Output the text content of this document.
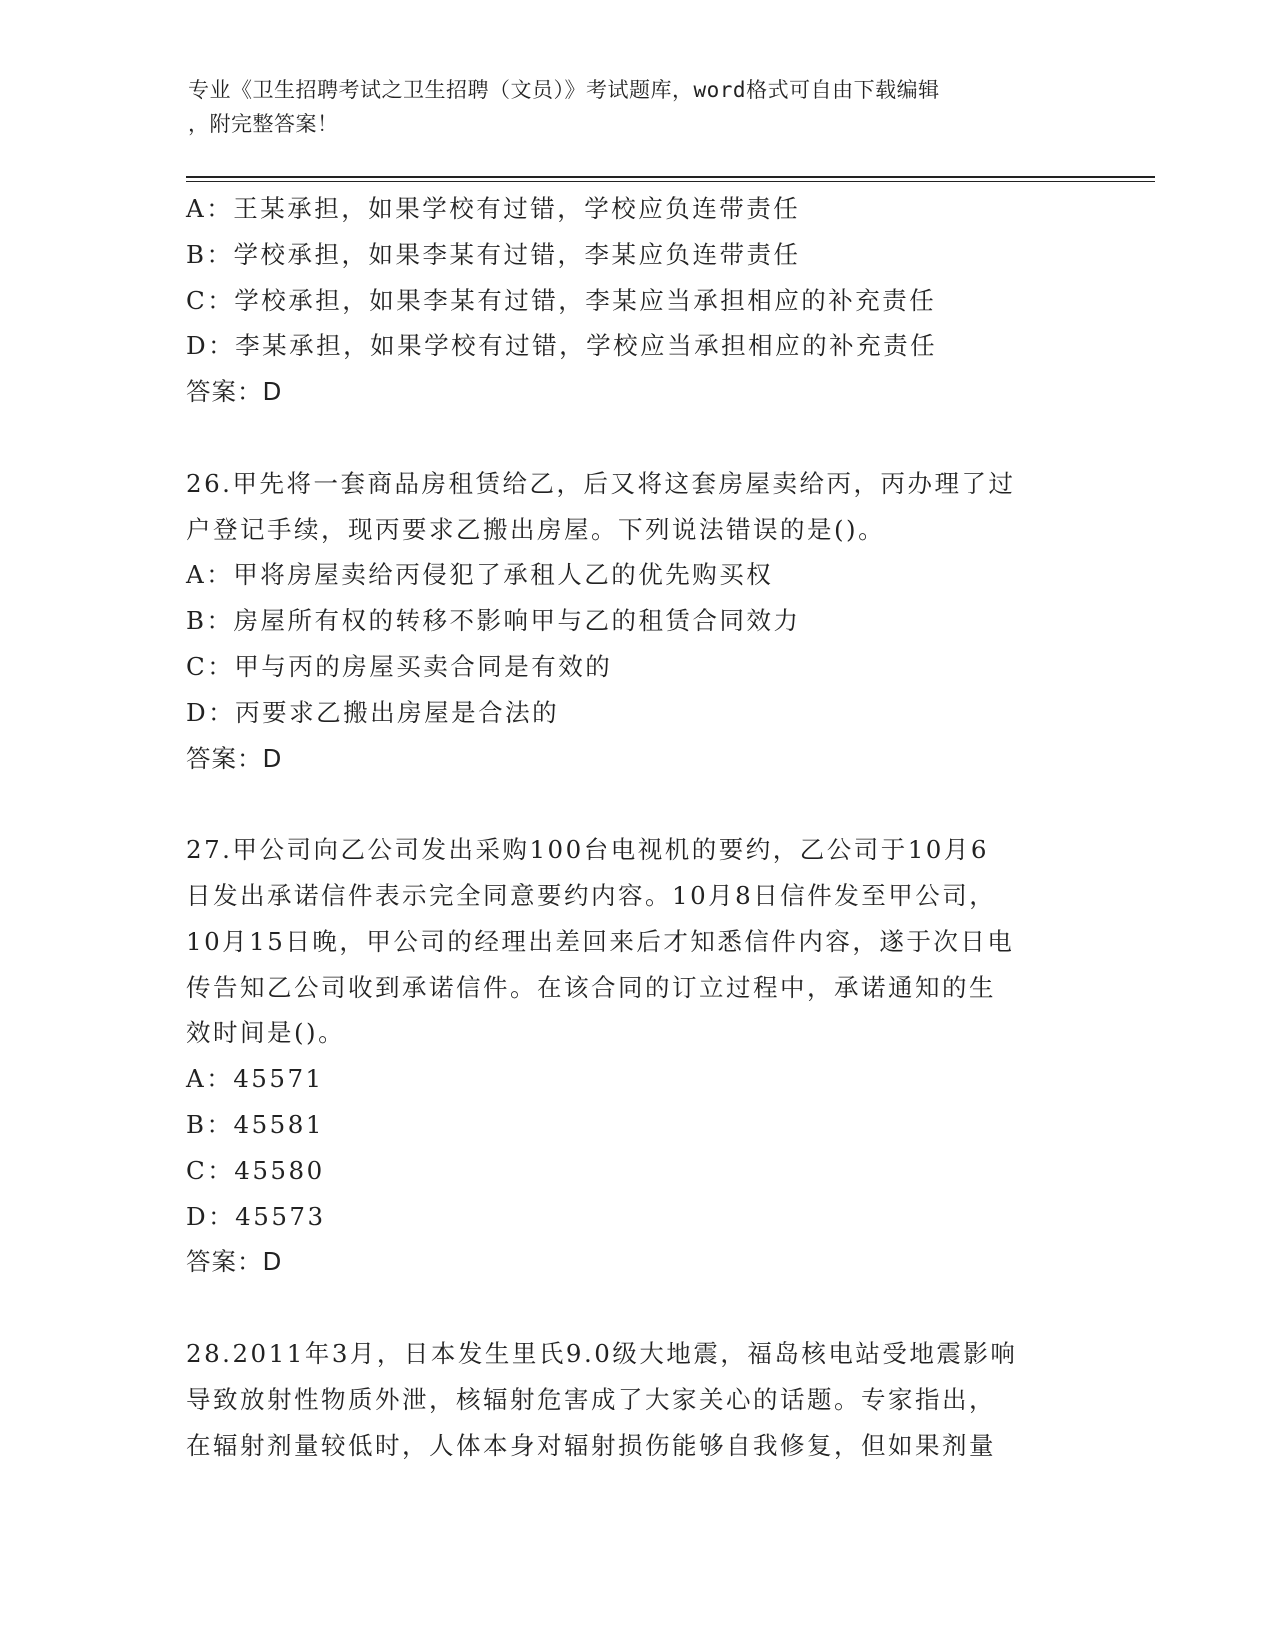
专业《卫生招聘考试之卫生招聘（文员）》考试题库，word格式可自由下载编辑
，附完整答案！
A：王某承担，如果学校有过错，学校应负连带责任
B：学校承担，如果李某有过错，李某应负连带责任
C：学校承担，如果李某有过错，李某应当承担相应的补充责任
D：李某承担，如果学校有过错，学校应当承担相应的补充责任
答案：D
26.甲先将一套商品房租赁给乙，后又将这套房屋卖给丙，丙办理了过
户登记手续，现丙要求乙搬出房屋。下列说法错误的是()。
A：甲将房屋卖给丙侵犯了承租人乙的优先购买权
B：房屋所有权的转移不影响甲与乙的租赁合同效力
C：甲与丙的房屋买卖合同是有效的
D：丙要求乙搬出房屋是合法的
答案：D
27.甲公司向乙公司发出采购100台电视机的要约，乙公司于10月6
日发出承诺信件表示完全同意要约内容。10月8日信件发至甲公司，
10月15日晚，甲公司的经理出差回来后才知悉信件内容，遂于次日电
传告知乙公司收到承诺信件。在该合同的订立过程中，承诺通知的生
效时间是()。
A：45571
B：45581
C：45580
D：45573
答案：D
28.2011年3月，日本发生里氏9.0级大地震，福岛核电站受地震影响
导致放射性物质外泄，核辐射危害成了大家关心的话题。专家指出，
在辐射剂量较低时，人体本身对辐射损伤能够自我修复，但如果剂量
